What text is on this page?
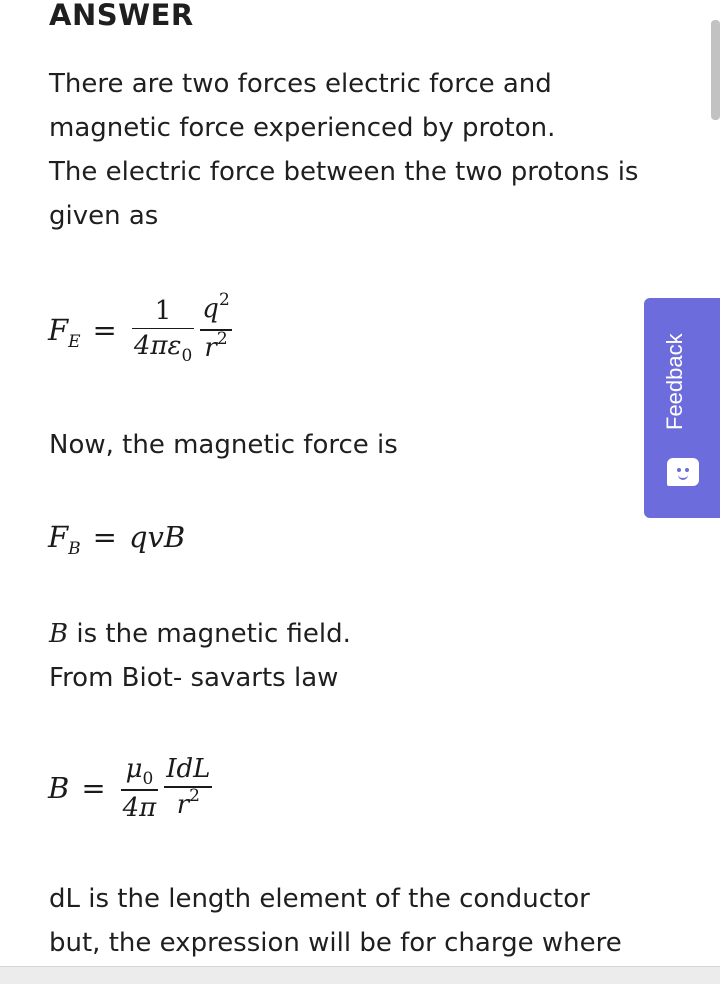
ANSWER
There are two forces electric force and
magnetic force experienced by proton.
The electric force between the two protons is
given as
$F_E = \frac{1}{4\pi\varepsilon_0} \frac{q^2}{r^2}$
Now, the magnetic force is
$F_B$ = qvB
B is the magnetic field.
From Biot- savarts law
$B = \frac{\mu_0}{4\pi} \frac{\text{IdL}}{r^2}$
dL is the length element of the conductor
but, the expression will be for charge where
Feedback
